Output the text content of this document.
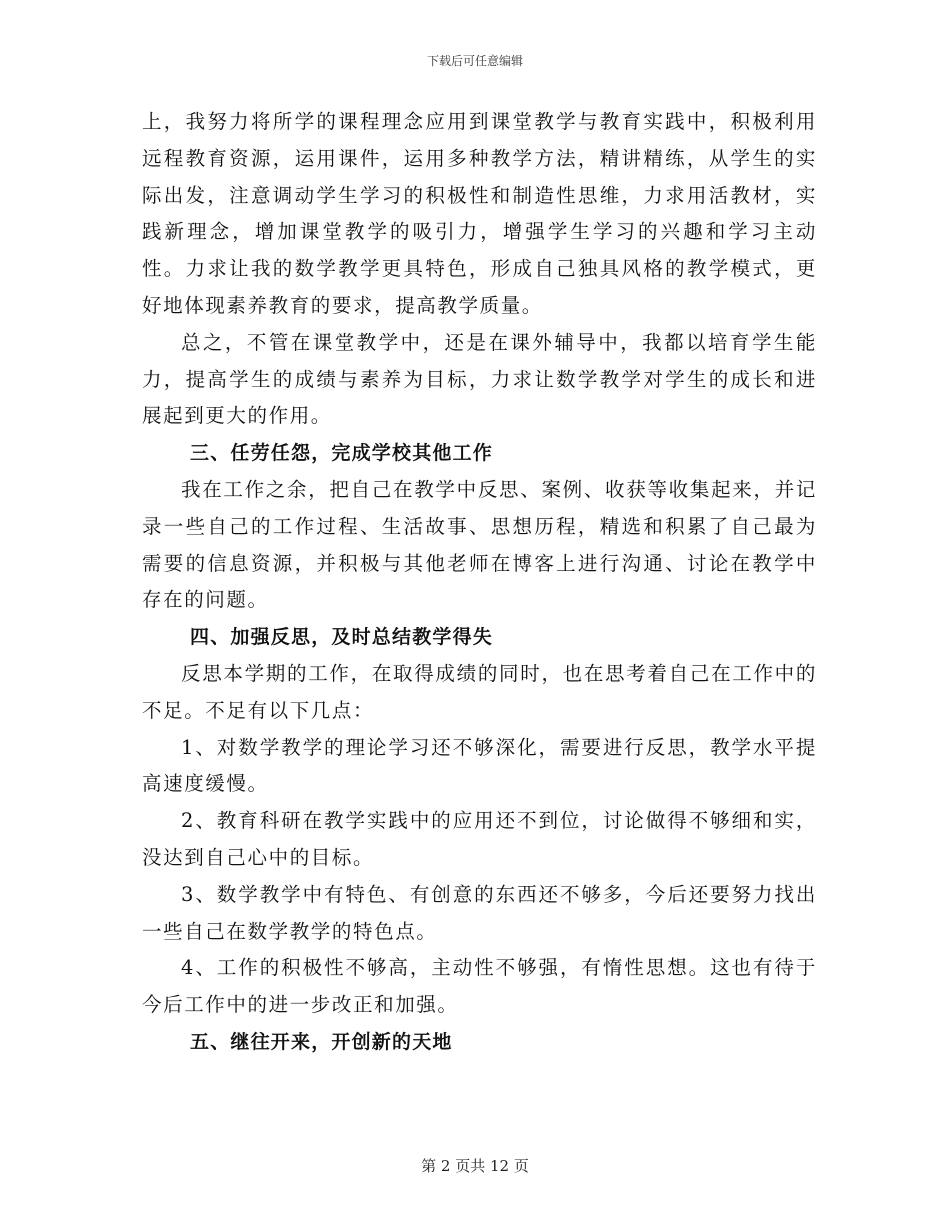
下载后可任意编辑

上，我努力将所学的课程理念应用到课堂教学与教育实践中，积极利用远程教育资源，运用课件，运用多种教学方法，精讲精练，从学生的实际出发，注意调动学生学习的积极性和制造性思维，力求用活教材，实践新理念，增加课堂教学的吸引力，增强学生学习的兴趣和学习主动性。力求让我的数学教学更具特色，形成自己独具风格的教学模式，更好地体现素养教育的要求，提高教学质量。

总之，不管在课堂教学中，还是在课外辅导中，我都以培育学生能力，提高学生的成绩与素养为目标，力求让数学教学对学生的成长和进展起到更大的作用。

三、任劳任怨，完成学校其他工作

我在工作之余，把自己在教学中反思、案例、收获等收集起来，并记录一些自己的工作过程、生活故事、思想历程，精选和积累了自己最为需要的信息资源，并积极与其他老师在博客上进行沟通、讨论在教学中存在的问题。

四、加强反思，及时总结教学得失

反思本学期的工作，在取得成绩的同时，也在思考着自己在工作中的不足。不足有以下几点：

1、对数学教学的理论学习还不够深化，需要进行反思，教学水平提高速度缓慢。

2、教育科研在教学实践中的应用还不到位，讨论做得不够细和实，没达到自己心中的目标。

3、数学教学中有特色、有创意的东西还不够多，今后还要努力找出一些自己在数学教学的特色点。

4、工作的积极性不够高，主动性不够强，有惰性思想。这也有待于今后工作中的进一步改正和加强。

五、继往开来，开创新的天地

第 2 页共 12 页
